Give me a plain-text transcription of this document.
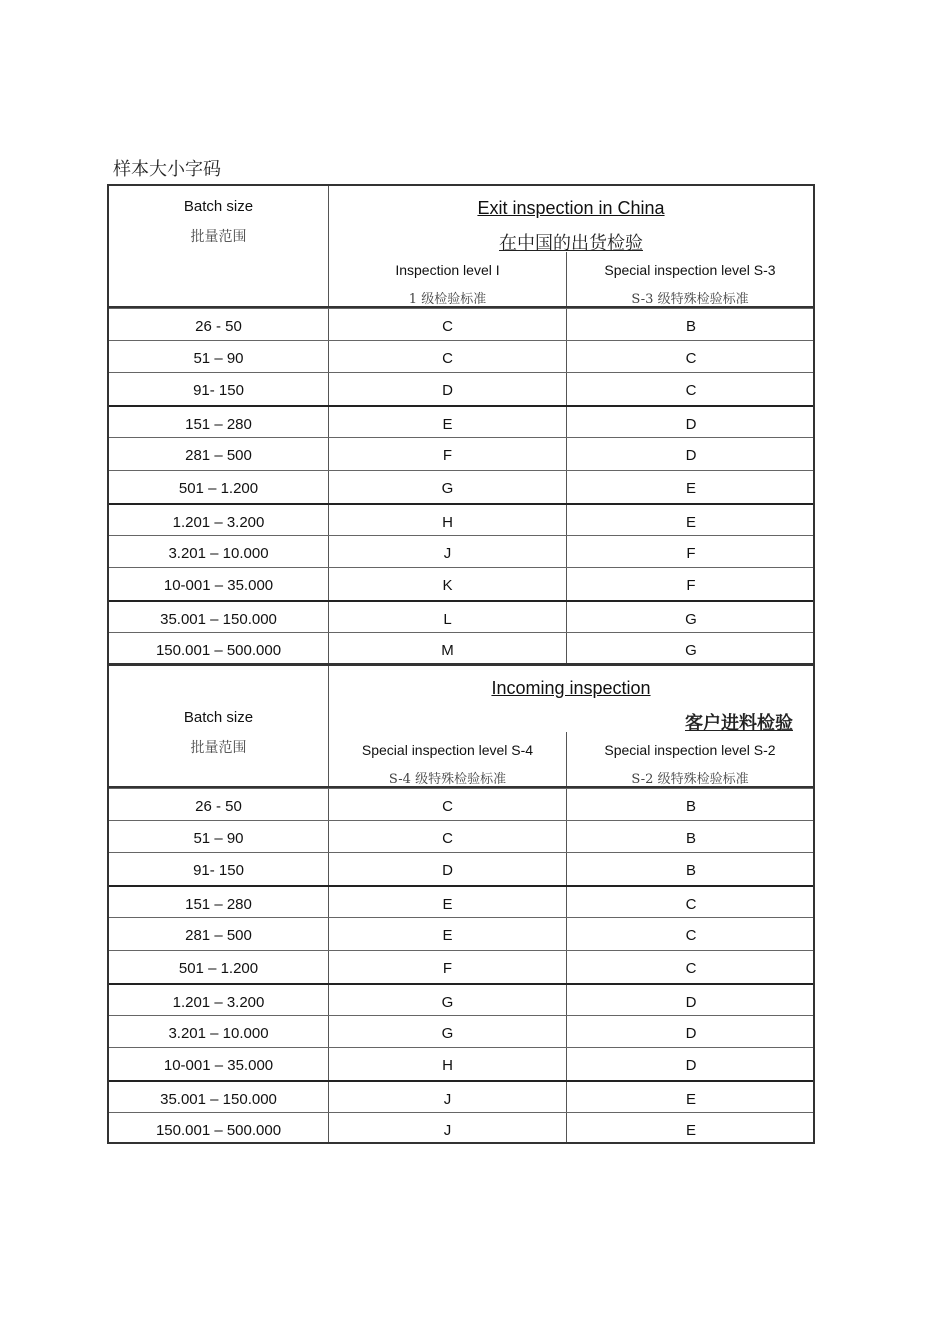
样本大小字码
Batch size
批量范围
Exit inspection in China
在中国的出货检验
Inspection level I
1 级检验标准
Special inspection level S-3
S-3 级特殊检验标准
26 - 50	C	B
51 – 90	C	C
91- 150	D	C
151 – 280	E	D
281 – 500	F	D
501 – 1.200	G	E
1.201 – 3.200	H	E
3.201 – 10.000	J	F
10-001 – 35.000	K	F
35.001 – 150.000	L	G
150.001 – 500.000	M	G
Batch size
批量范围
Incoming inspection
客户进料检验
Special inspection level S-4
S-4 级特殊检验标准
Special inspection level S-2
S-2 级特殊检验标准
26 - 50	C	B
51 – 90	C	B
91- 150	D	B
151 – 280	E	C
281 – 500	E	C
501 – 1.200	F	C
1.201 – 3.200	G	D
3.201 – 10.000	G	D
10-001 – 35.000	H	D
35.001 – 150.000	J	E
150.001 – 500.000	J	E
